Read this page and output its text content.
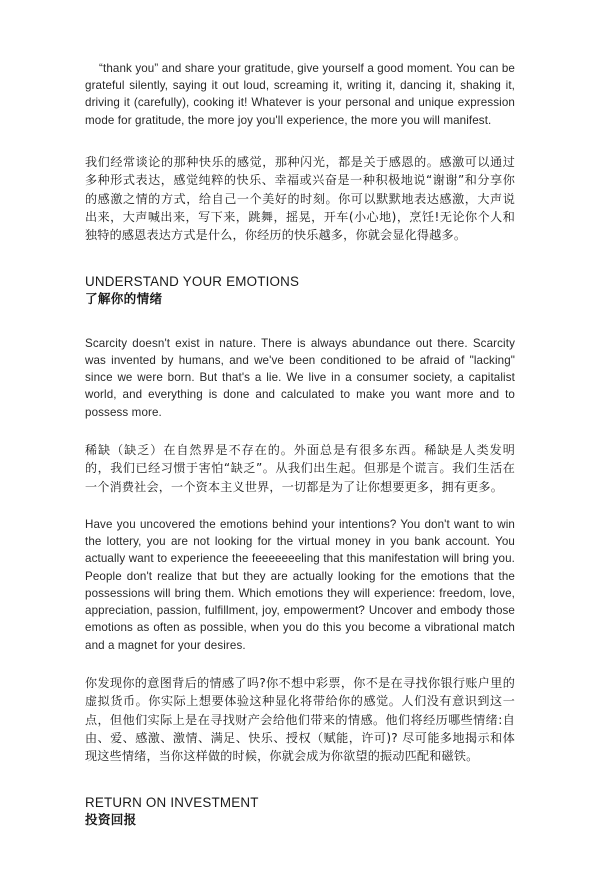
“thank you” and share your gratitude, give yourself a good moment. You can be grateful silently, saying it out loud, screaming it, writing it, dancing it, shaking it, driving it (carefully), cooking it! Whatever is your personal and unique expression mode for gratitude, the more joy you'll experience, the more you will manifest.

我们经常谈论的那种快乐的感觉，那种闪光，都是关于感恩的。感激可以通过多种形式表达，感觉纯粹的快乐、幸福或兴奋是一种积极地说“谢谢”和分享你的感激之情的方式，给自己一个美好的时刻。你可以默默地表达感激，大声说出来，大声喊出来，写下来，跳舞，摇晃，开车(小心地)，烹饪!无论你个人和独特的感恩表达方式是什么，你经历的快乐越多，你就会显化得越多。

UNDERSTAND YOUR EMOTIONS
了解你的情绪

Scarcity doesn't exist in nature. There is always abundance out there. Scarcity was invented by humans, and we've been conditioned to be afraid of "lacking" since we were born. But that's a lie. We live in a consumer society, a capitalist world, and everything is done and calculated to make you want more and to possess more.

稀缺（缺乏）在自然界是不存在的。外面总是有很多东西。稀缺是人类发明的，我们已经习惯于害怕“缺乏”。从我们出生起。但那是个谎言。我们生活在一个消费社会，一个资本主义世界，一切都是为了让你想要更多，拥有更多。

Have you uncovered the emotions behind your intentions? You don't want to win the lottery, you are not looking for the virtual money in you bank account. You actually want to experience the feeeeeeeling that this manifestation will bring you. People don't realize that but they are actually looking for the emotions that the possessions will bring them. Which emotions they will experience: freedom, love, appreciation, passion, fulfillment, joy, empowerment? Uncover and embody those emotions as often as possible, when you do this you become a vibrational match and a magnet for your desires.

你发现你的意图背后的情感了吗?你不想中彩票，你不是在寻找你银行账户里的虚拟货币。你实际上想要体验这种显化将带给你的感觉。人们没有意识到这一点，但他们实际上是在寻找财产会给他们带来的情感。他们将经历哪些情绪:自由、爱、感激、激情、满足、快乐、授权（赋能，许可)? 尽可能多地揭示和体现这些情绪，当你这样做的时候，你就会成为你欲望的振动匹配和磁铁。

RETURN ON INVESTMENT
投资回报
